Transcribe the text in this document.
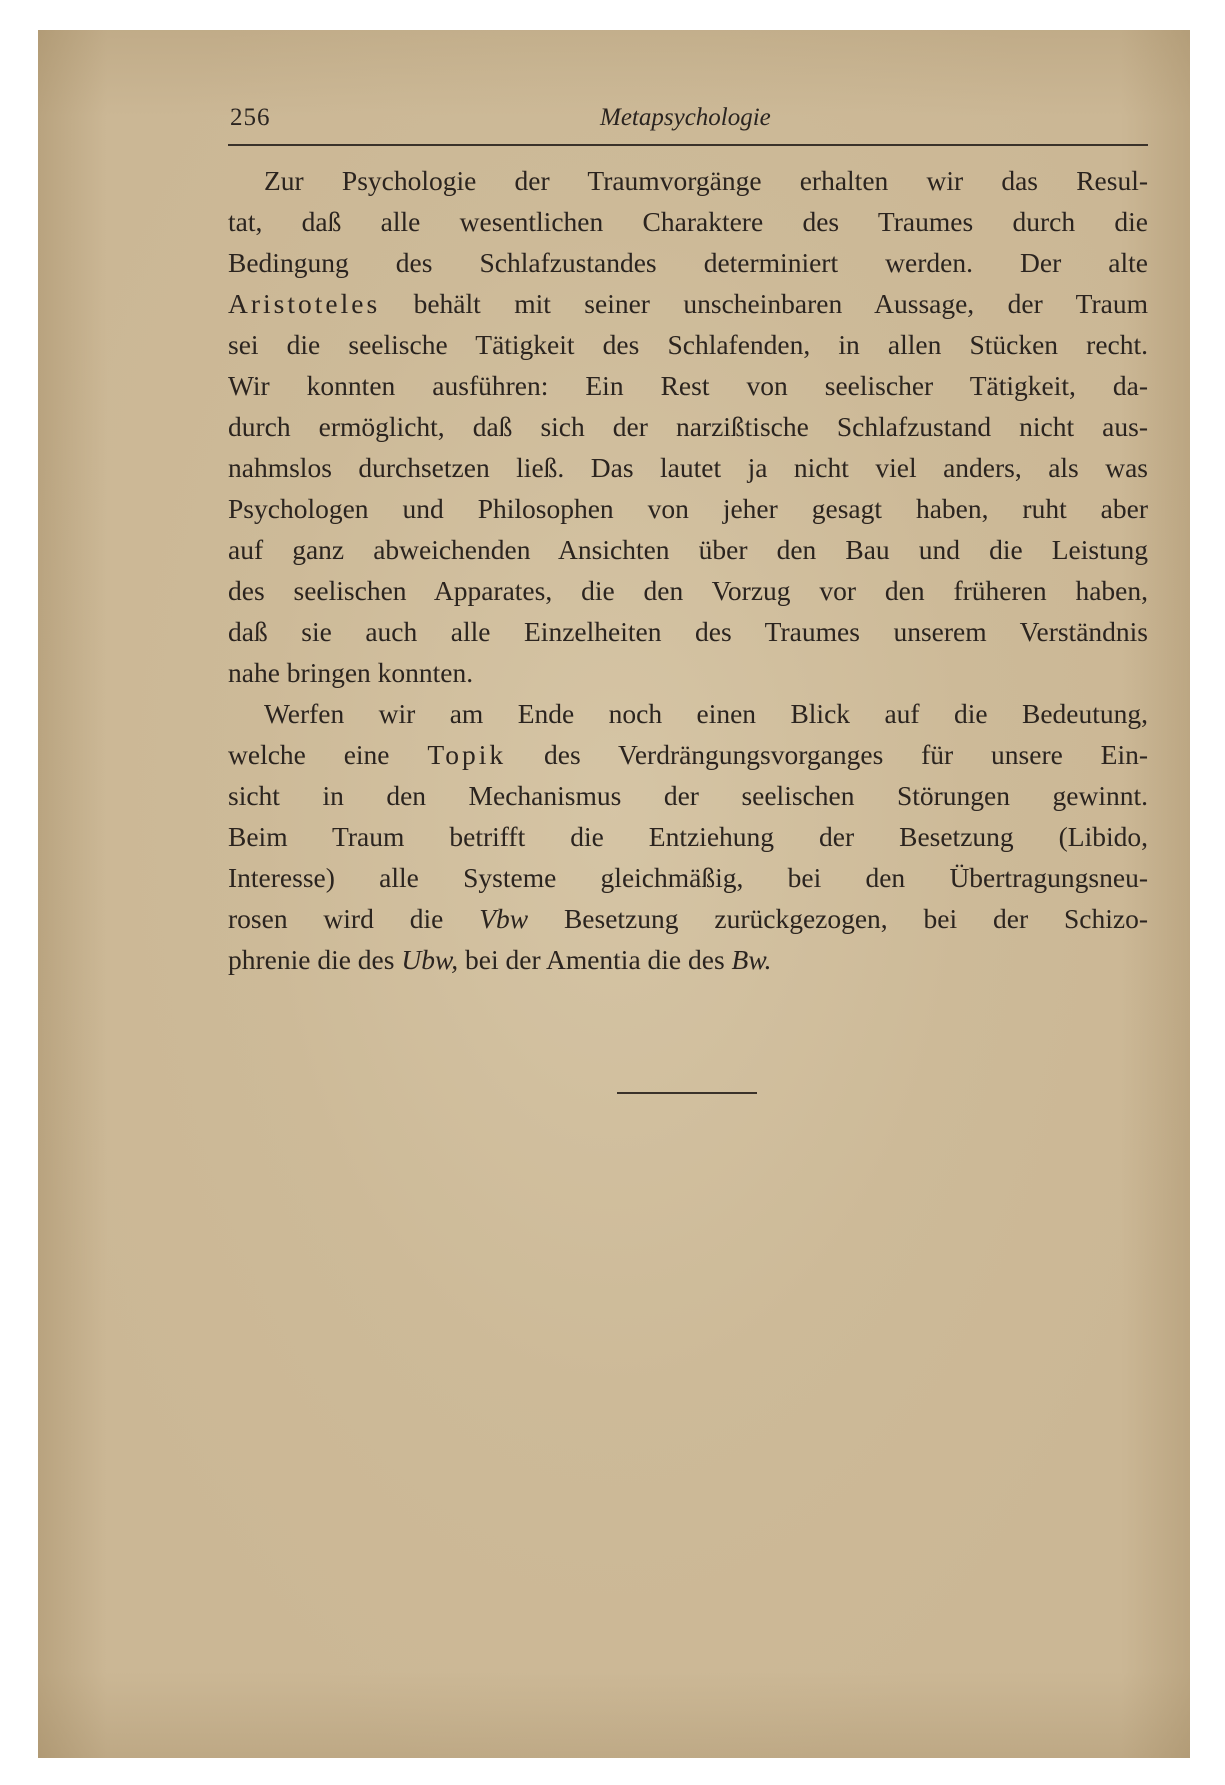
256	Metapsychologie
Zur Psychologie der Traumvorgänge erhalten wir das Resul-
tat, daß alle wesentlichen Charaktere des Traumes durch die
Bedingung des Schlafzustandes determiniert werden. Der alte
Aristoteles behält mit seiner unscheinbaren Aussage, der Traum
sei die seelische Tätigkeit des Schlafenden, in allen Stücken recht.
Wir konnten ausführen: Ein Rest von seelischer Tätigkeit, da-
durch ermöglicht, daß sich der narzißtische Schlafzustand nicht aus-
nahmslos durchsetzen ließ. Das lautet ja nicht viel anders, als was
Psychologen und Philosophen von jeher gesagt haben, ruht aber
auf ganz abweichenden Ansichten über den Bau und die Leistung
des seelischen Apparates, die den Vorzug vor den früheren haben,
daß sie auch alle Einzelheiten des Traumes unserem Verständnis
nahe bringen konnten.
Werfen wir am Ende noch einen Blick auf die Bedeutung,
welche eine Topik des Verdrängungsvorganges für unsere Ein-
sicht in den Mechanismus der seelischen Störungen gewinnt.
Beim Traum betrifft die Entziehung der Besetzung (Libido,
Interesse) alle Systeme gleichmäßig, bei den Übertragungsneu-
rosen wird die Vbw Besetzung zurückgezogen, bei der Schizo-
phrenie die des Ubw, bei der Amentia die des Bw.
